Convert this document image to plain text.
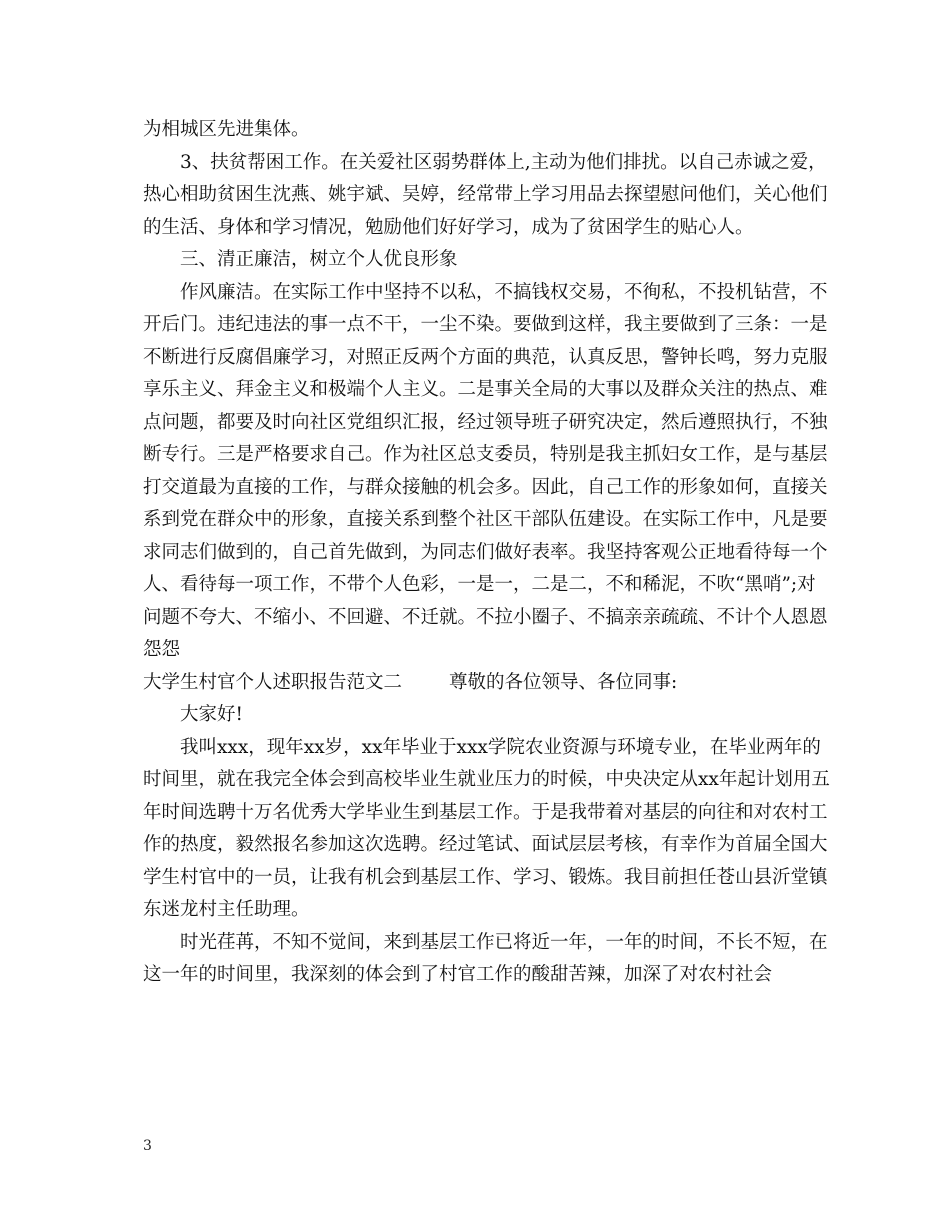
为相城区先进集体。

3、扶贫帮困工作。在关爱社区弱势群体上,主动为他们排扰。以自己赤诚之爱，热心相助贫困生沈燕、姚宇斌、吴婷，经常带上学习用品去探望慰问他们，关心他们的生活、身体和学习情况，勉励他们好好学习，成为了贫困学生的贴心人。

三、清正廉洁，树立个人优良形象

作风廉洁。在实际工作中坚持不以私，不搞钱权交易，不徇私，不投机钻营，不开后门。违纪违法的事一点不干，一尘不染。要做到这样，我主要做到了三条：一是不断进行反腐倡廉学习，对照正反两个方面的典范，认真反思，警钟长鸣，努力克服享乐主义、拜金主义和极端个人主义。二是事关全局的大事以及群众关注的热点、难点问题，都要及时向社区党组织汇报，经过领导班子研究决定，然后遵照执行，不独断专行。三是严格要求自己。作为社区总支委员，特别是我主抓妇女工作，是与基层打交道最为直接的工作，与群众接触的机会多。因此，自己工作的形象如何，直接关系到党在群众中的形象，直接关系到整个社区干部队伍建设。在实际工作中，凡是要求同志们做到的，自己首先做到，为同志们做好表率。我坚持客观公正地看待每一个人、看待每一项工作，不带个人色彩，一是一，二是二，不和稀泥，不吹“黑哨”;对问题不夸大、不缩小、不回避、不迁就。不拉小圈子、不搞亲亲疏疏、不计个人恩恩怨怨

大学生村官个人述职报告范文二        尊敬的各位领导、各位同事:

大家好!

我叫xxx，现年xx岁，xx年毕业于xxx学院农业资源与环境专业，在毕业两年的时间里，就在我完全体会到高校毕业生就业压力的时候，中央决定从xx年起计划用五年时间选聘十万名优秀大学毕业生到基层工作。于是我带着对基层的向往和对农村工作的热度，毅然报名参加这次选聘。经过笔试、面试层层考核，有幸作为首届全国大学生村官中的一员，让我有机会到基层工作、学习、锻炼。我目前担任苍山县沂堂镇东迷龙村主任助理。

时光荏苒，不知不觉间，来到基层工作已将近一年，一年的时间，不长不短，在这一年的时间里，我深刻的体会到了村官工作的酸甜苦辣，加深了对农村社会

3
